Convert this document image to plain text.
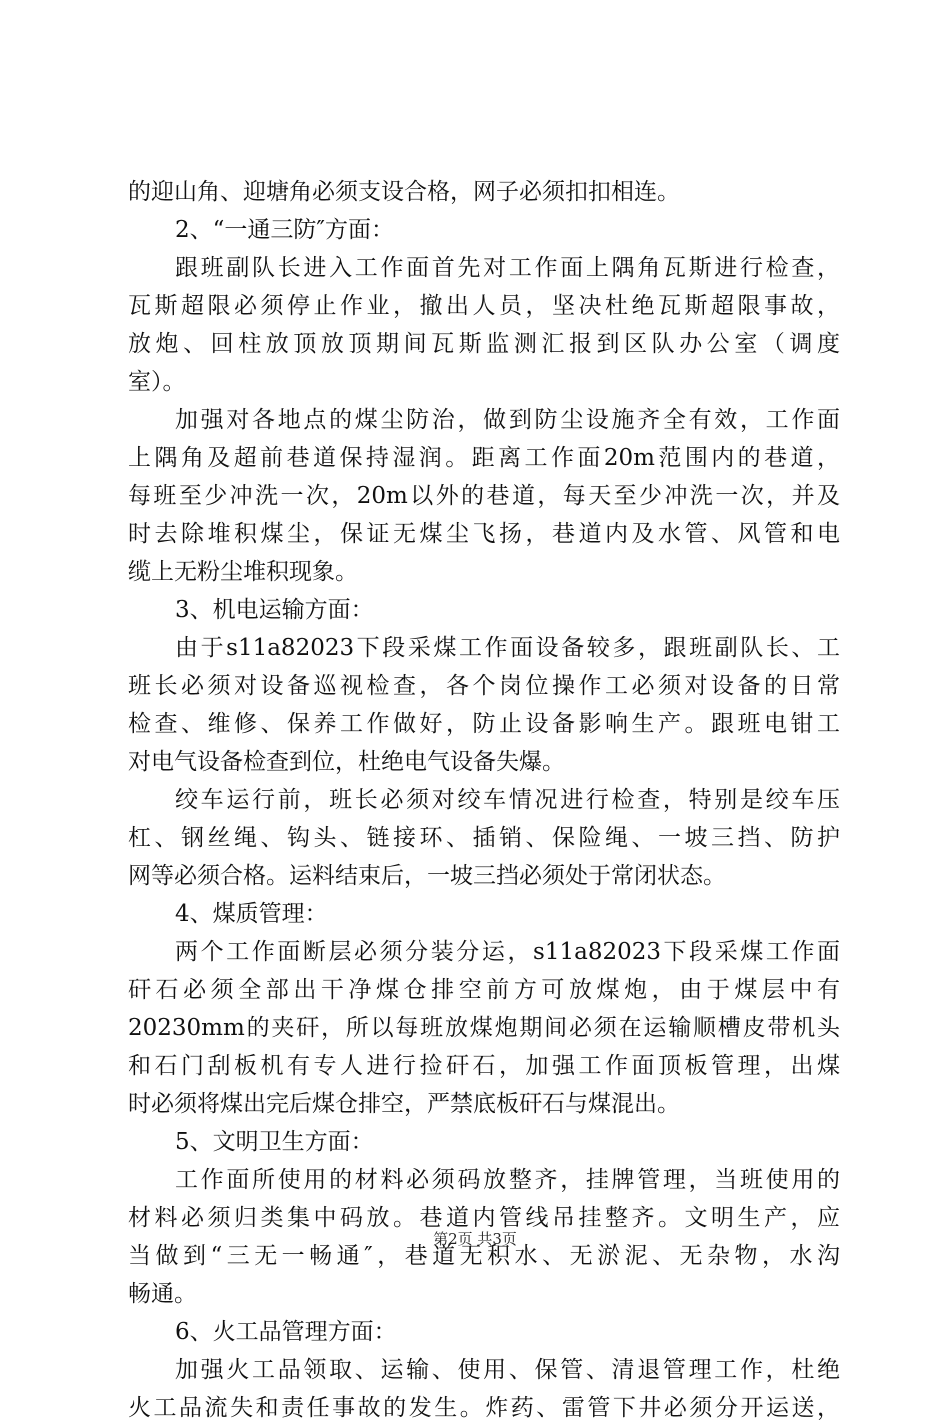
的迎山角、迎塘角必须支设合格，网子必须扣扣相连。
2、“一通三防″方面：
跟班副队长进入工作面首先对工作面上隅角瓦斯进行检查，
瓦斯超限必须停止作业，撤出人员，坚决杜绝瓦斯超限事故，
放炮、回柱放顶放顶期间瓦斯监测汇报到区队办公室（调度
室）。
加强对各地点的煤尘防治，做到防尘设施齐全有效，工作面
上隅角及超前巷道保持湿润。距离工作面20m范围内的巷道，
每班至少冲洗一次，20m以外的巷道，每天至少冲洗一次，并及
时去除堆积煤尘，保证无煤尘飞扬，巷道内及水管、风管和电
缆上无粉尘堆积现象。
3、机电运输方面：
由于s11a82023下段采煤工作面设备较多，跟班副队长、工
班长必须对设备巡视检查，各个岗位操作工必须对设备的日常
检查、维修、保养工作做好，防止设备影响生产。跟班电钳工
对电气设备检查到位，杜绝电气设备失爆。
绞车运行前，班长必须对绞车情况进行检查，特别是绞车压
杠、钢丝绳、钩头、链接环、插销、保险绳、一坡三挡、防护
网等必须合格。运料结束后，一坡三挡必须处于常闭状态。
4、煤质管理：
两个工作面断层必须分装分运，s11a82023下段采煤工作面
矸石必须全部出干净煤仓排空前方可放煤炮，由于煤层中有
20230mm的夹矸，所以每班放煤炮期间必须在运输顺槽皮带机头
和石门刮板机有专人进行捡矸石，加强工作面顶板管理，出煤
时必须将煤出完后煤仓排空，严禁底板矸石与煤混出。
5、文明卫生方面：
工作面所使用的材料必须码放整齐，挂牌管理，当班使用的
材料必须归类集中码放。巷道内管线吊挂整齐。文明生产，应
当做到“三无一畅通″，巷道无积水、无淤泥、无杂物，水沟
畅通。
6、火工品管理方面：
加强火工品领取、运输、使用、保管、清退管理工作，杜绝
火工品流失和责任事故的发生。炸药、雷管下井必须分开运送，
第2页 共3页
